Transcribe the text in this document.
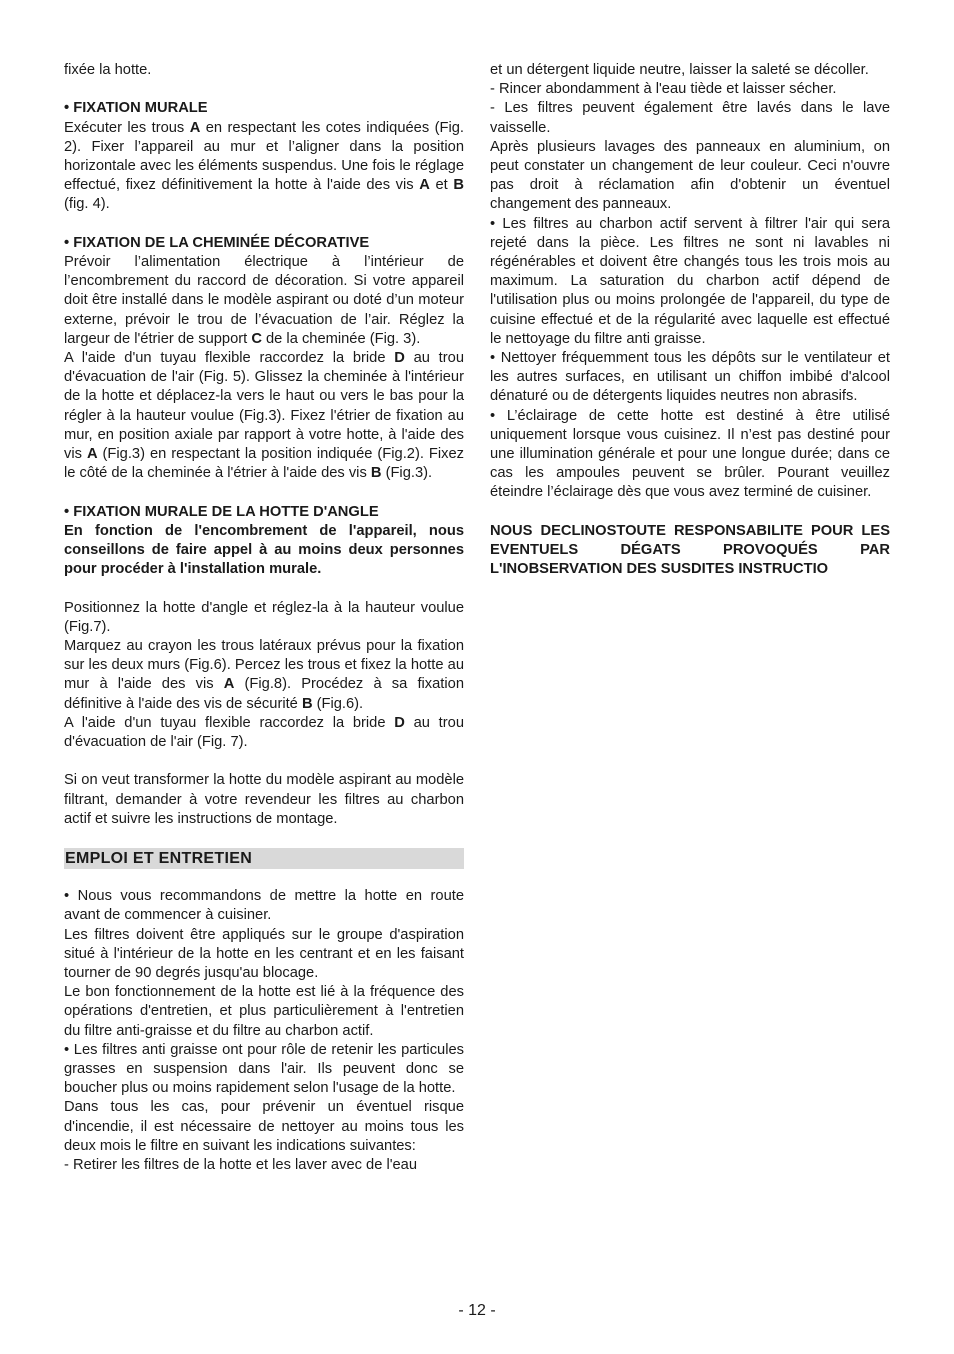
fixée la hotte.

• FIXATION MURALE

Exécuter les trous A en respectant les cotes indiquées (Fig. 2). Fixer l’appareil au mur et l’aligner dans la position horizontale avec les éléments suspendus. Une fois le réglage effectué, fixez définitivement la hotte à l'aide des vis A et B (fig. 4).

• FIXATION DE LA CHEMINÉE DÉCORATIVE

Prévoir l’alimentation électrique à l’intérieur de l’encombrement du raccord de décoration. Si votre appareil doit être installé dans le modèle aspirant ou doté d’un moteur externe, prévoir le trou de l’évacuation de l’air. Réglez la largeur de l'étrier de support C de la cheminée (Fig. 3).

A l'aide d'un tuyau flexible raccordez la bride D au trou d'évacuation de l'air (Fig. 5). Glissez la cheminée à l'intérieur de la hotte et déplacez-la vers le haut ou vers le bas pour la régler à la hauteur voulue (Fig.3). Fixez l'étrier de fixation au mur, en position axiale par rapport à votre hotte, à l'aide des vis A (Fig.3) en respectant la position indiquée (Fig.2). Fixez le côté de la cheminée à l'étrier à l'aide des vis B (Fig.3).

• FIXATION MURALE DE LA HOTTE D'ANGLE

En fonction de l'encombrement de l'appareil, nous conseillons de faire appel à au moins deux personnes pour procéder à l'installation murale.

Positionnez la hotte d'angle et réglez-la à la hauteur voulue (Fig.7).

Marquez au crayon les trous latéraux prévus pour la fixation sur les deux murs (Fig.6). Percez les trous et fixez la hotte au mur à l'aide des vis A (Fig.8). Procédez à sa fixation définitive à l'aide des vis de sécurité B (Fig.6).

A l'aide d'un tuyau flexible raccordez la bride D au trou d'évacuation de l'air (Fig. 7).

Si on veut transformer la hotte du modèle aspirant au modèle filtrant, demander à votre revendeur les filtres au charbon actif et suivre les instructions de montage.

EMPLOI ET ENTRETIEN

• Nous vous recommandons de mettre la hotte en route avant de commencer à cuisiner.

Les filtres doivent être appliqués sur le groupe d'aspiration situé à l'intérieur de la hotte en les centrant et en les faisant tourner de 90 degrés jusqu'au blocage.

Le bon fonctionnement de la hotte est lié à la fréquence des opérations d'entretien, et plus particulièrement à l'entretien du filtre anti-graisse et du filtre au charbon actif.

• Les filtres anti graisse ont pour rôle de retenir les particules grasses en suspension dans l'air. Ils peuvent donc se boucher plus ou moins rapidement selon l'usage de la hotte.

Dans tous les cas, pour prévenir un éventuel risque d'incendie, il est nécessaire de nettoyer au moins tous les deux mois le filtre en suivant les indications suivantes:

- Retirer les filtres de la hotte et les laver avec de l'eau

et un détergent liquide neutre, laisser la saleté se décoller.

- Rincer abondamment à l'eau tiède et laisser sécher.

- Les filtres peuvent également être lavés dans le lave vaisselle.

Après plusieurs lavages des panneaux en aluminium, on peut constater un changement de leur couleur. Ceci n'ouvre pas droit à réclamation afin d'obtenir un éventuel changement des panneaux.

• Les filtres au charbon actif servent à filtrer l'air qui sera rejeté dans la pièce. Les filtres ne sont ni lavables ni régénérables et doivent être changés tous les trois mois au maximum. La saturation du charbon actif dépend de l'utilisation plus ou moins prolongée de l'appareil, du type de cuisine effectué et de la régularité avec laquelle est effectué le nettoyage du filtre anti graisse.

• Nettoyer fréquemment tous les dépôts sur le ventilateur et les autres surfaces, en utilisant un chiffon imbibé d'alcool dénaturé ou de détergents liquides neutres non abrasifs.

• L’éclairage de cette hotte est destiné à être utilisé uniquement lorsque vous cuisinez. Il n’est pas destiné pour une illumination générale et pour une longue durée; dans ce cas les ampoules peuvent se brûler. Pourant veuillez éteindre l’éclairage dès que vous avez terminé de cuisiner.

NOUS DECLINOSTOUTE RESPONSABILITE POUR LES EVENTUELS DÉGATS PROVOQUÉS PAR L'INOBSERVATION DES SUSDITES INSTRUCTIO

- 12 -
